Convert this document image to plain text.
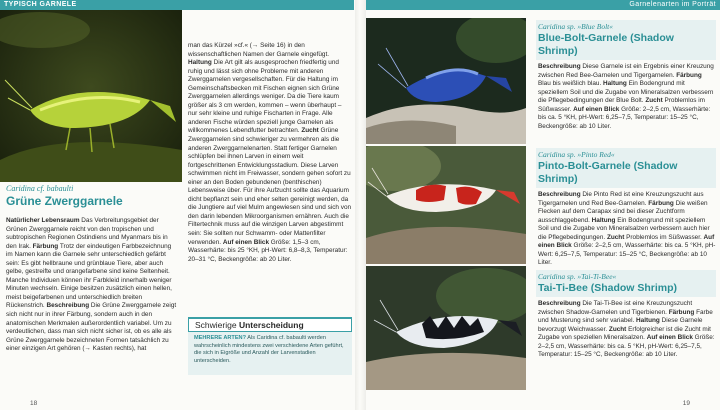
TYPISCH GARNELE	Garnelenarten im Porträt
Caridina cf. babaulti
Grüne Zwerggarnele
Natürlicher Lebensraum Das Verbreitungsgebiet der Grünen Zwerggarnele reicht von den tropischen und subtropischen Regionen Ostindiens und Myanmars bis in den Irak. Färbung Trotz der eindeutigen Farbbezeichnung im Namen kann die Garnele sehr unterschiedlich gefärbt sein: Es gibt hellbraune und grünblaue Tiere, aber auch gelbe, gestreifte und orangefarbene sind keine Seltenheit. Manche Individuen können ihr Farbkleid innerhalb weniger Minuten wechseln. Einige besitzen zusätzlich einen hellen, meist beigefarbenen und unterschiedlich breiten Rückenstrich. Beschreibung Die Grüne Zwerggarnele zeigt sich nicht nur in ihrer Färbung, sondern auch in den anatomischen Merkmalen außerordentlich variabel. Um zu verdeutlichen, dass man sich nicht sicher ist, ob es alle als Grüne Zwerggarnele bezeichneten Formen tatsächlich zu einer einzigen Art gehören (→ Kasten rechts), hat
man das Kürzel »cf.« (→ Seite 16) in den wissenschaftlichen Namen der Garnele eingefügt. Haltung Die Art gilt als ausgesprochen friedfertig und ruhig und lässt sich ohne Probleme mit anderen Zwerggarnelen vergesellschaften. Für die Haltung im Gemeinschaftsbecken mit Fischen eignen sich Grüne Zwerggarnelen allerdings weniger. Da die Tiere kaum größer als 3 cm werden, kommen – wenn überhaupt – nur sehr kleine und ruhige Fischarten in Frage. Alle anderen Fische würden speziell junge Garnelen als willkommenes Lebendfutter betrachten. Zucht Grüne Zwerggarnelen sind schwieriger zu vermehren als die anderen Zwerggarnelenarten. Statt fertiger Garnelen schlüpfen bei ihnen Larven in einem weit fortgeschrittenen Entwicklungsstadium. Diese Larven schwimmen nicht im Freiwasser, sondern gehen sofort zu einer an den Boden gebundenen (benthischen) Lebensweise über. Für ihre Aufzucht sollte das Aquarium dicht bepflanzt sein und eher selten gereinigt werden, da die Jungtiere auf viel Mulm angewiesen sind und sich von den darin lebenden Mikroorganismen ernähren. Auch die Filtertechnik muss auf die winzigen Larven abgestimmt sein: Sie sollten nur Schwamm- oder Mattenfilter verwenden. Auf einen Blick Größe: 1,5–3 cm, Wasserhärte: bis 25 °KH, pH-Wert: 6,8–8,3, Temperatur: 20–31 °C, Beckengröße: ab 20 Liter.
Schwierige Unterscheidung
MEHRERE ARTEN? Als Caridina cf. babaulti werden wahrscheinlich mindestens zwei verschiedene Arten geführt, die sich in Eigröße und Anzahl der Larvenstadien unterscheiden.
Caridina sp. »Blue Bolt«
Blue-Bolt-Garnele (Shadow Shrimp)
Beschreibung Diese Garnele ist ein Ergebnis einer Kreuzung zwischen Red Bee-Garnelen und Tigergarnelen. Färbung Blau bis weißlich blau. Haltung Ein Bodengrund mit speziellem Soil und die Zugabe von Mineralsalzen verbessern die Pflegebedingungen der Blue Bolt. Zucht Problemlos im Süßwasser. Auf einen Blick Größe: 2–2,5 cm, Wasserhärte: bis ca. 5 °KH, pH-Wert: 6,25–7,5, Temperatur: 15–25 °C, Beckengröße: ab 10 Liter.
Caridina sp. »Pinto Red«
Pinto-Bolt-Garnele (Shadow Shrimp)
Beschreibung Die Pinto Red ist eine Kreuzungszucht aus Tigergarnelen und Red Bee-Garnelen. Färbung Die weißen Flecken auf dem Carapax sind bei dieser Zuchtform ausschlaggebend. Haltung Ein Bodengrund mit speziellem Soil und die Zugabe von Mineralsalzen verbessern auch hier die Pflegebedingungen. Zucht Problemlos im Süßwasser. Auf einen Blick Größe: 2–2,5 cm, Wasserhärte: bis ca. 5 °KH, pH-Wert: 6,25–7,5, Temperatur: 15–25 °C, Beckengröße: ab 10 Liter.
Caridina sp. »Tai-Ti-Bee«
Tai-Ti-Bee (Shadow Shrimp)
Beschreibung Die Tai-Ti-Bee ist eine Kreuzungszucht zwischen Shadow-Garnelen und Tigerbienen. Färbung Farbe und Musterung sind sehr variabel. Haltung Diese Garnele bevorzugt Weichwasser. Zucht Erfolgreicher ist die Zucht mit Zugabe von speziellen Mineralsalzen. Auf einen Blick Größe: 2–2,5 cm, Wasserhärte: bis ca. 5 °KH, pH-Wert: 6,25–7,5, Temperatur: 15–25 °C, Beckengröße: ab 10 Liter.
18	19
